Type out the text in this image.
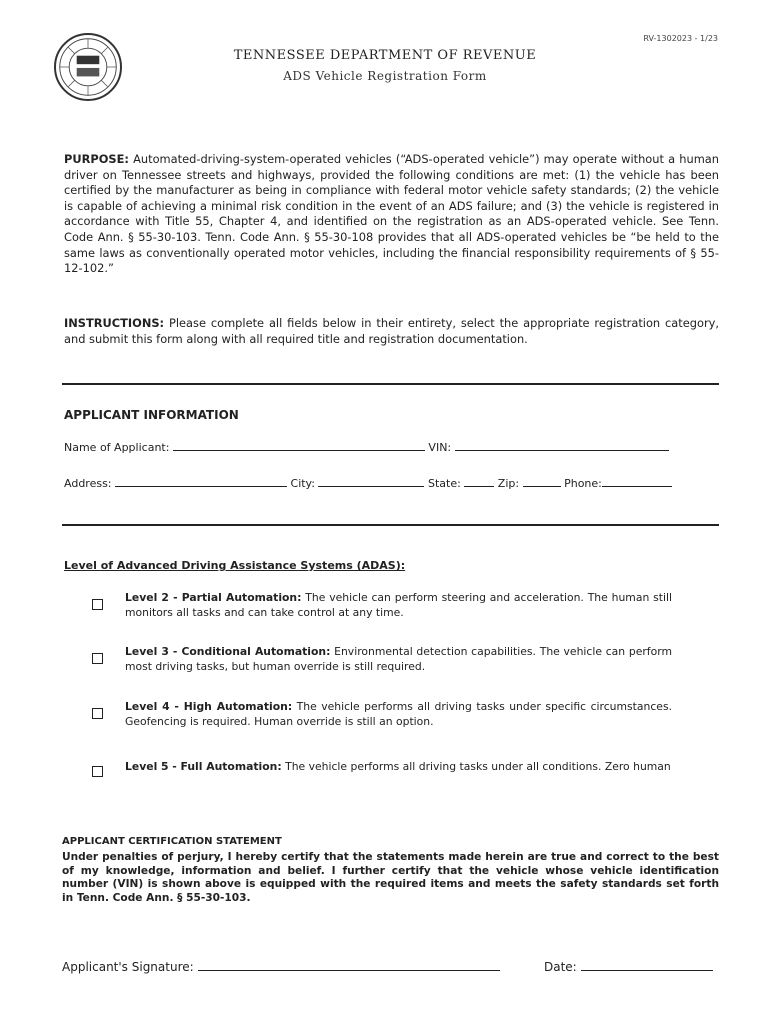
RV-1302023 - 1/23
TENNESSEE DEPARTMENT OF REVENUE
ADS Vehicle Registration Form
PURPOSE: Automated-driving-system-operated vehicles (“ADS-operated vehicle”) may operate without a human driver on Tennessee streets and highways, provided the following conditions are met: (1) the vehicle has been certified by the manufacturer as being in compliance with federal motor vehicle safety standards; (2) the vehicle is capable of achieving a minimal risk condition in the event of an ADS failure; and (3) the vehicle is registered in accordance with Title 55, Chapter 4, and identified on the registration as an ADS-operated vehicle. See Tenn. Code Ann. § 55-30-103. Tenn. Code Ann. § 55-30-108 provides that all ADS-operated vehicles be “be held to the same laws as conventionally operated motor vehicles, including the financial responsibility requirements of § 55-12-102.”
INSTRUCTIONS: Please complete all fields below in their entirety, select the appropriate registration category, and submit this form along with all required title and registration documentation.
APPLICANT INFORMATION
Name of Applicant:	VIN:
Address:	City:	State:	Zip:	Phone:
Level of Advanced Driving Assistance Systems (ADAS):
Level 2 - Partial Automation: The vehicle can perform steering and acceleration. The human still monitors all tasks and can take control at any time.
Level 3 - Conditional Automation: Environmental detection capabilities. The vehicle can perform most driving tasks, but human override is still required.
Level 4 - High Automation: The vehicle performs all driving tasks under specific circumstances. Geofencing is required. Human override is still an option.
Level 5 - Full Automation: The vehicle performs all driving tasks under all conditions. Zero human
APPLICANT CERTIFICATION STATEMENT
Under penalties of perjury, I hereby certify that the statements made herein are true and correct to the best of my knowledge, information and belief. I further certify that the vehicle whose vehicle identification number (VIN) is shown above is equipped with the required items and meets the safety standards set forth in Tenn. Code Ann. § 55-30-103.
Applicant's Signature:	Date:
